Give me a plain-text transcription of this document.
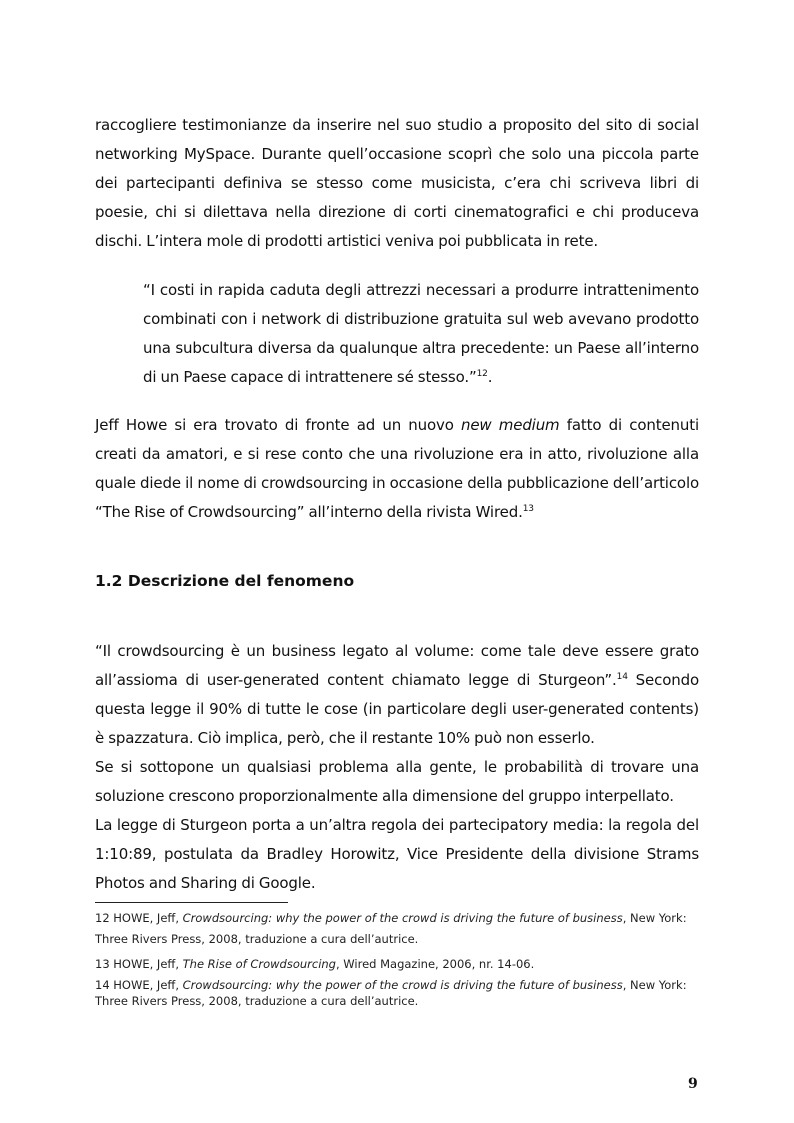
raccogliere testimonianze da inserire nel suo studio a proposito del sito di social networking MySpace. Durante quell’occasione scoprì che solo una piccola parte dei partecipanti definiva se stesso come musicista, c’era chi scriveva libri di poesie, chi si dilettava nella direzione di corti cinematografici e chi produceva dischi. L’intera mole di prodotti artistici veniva poi pubblicata in rete.

“I costi in rapida caduta degli attrezzi necessari a produrre intrattenimento combinati con i network di distribuzione gratuita sul web avevano prodotto una subcultura diversa da qualunque altra precedente: un Paese all’interno di un Paese capace di intrattenere sé stesso.”$^{12}$.

Jeff Howe si era trovato di fronte ad un nuovo new medium fatto di contenuti creati da amatori, e si rese conto che una rivoluzione era in atto, rivoluzione alla quale diede il nome di crowdsourcing in occasione della pubblicazione dell’articolo “The Rise of Crowdsourcing” all’interno della rivista Wired.$^{13}$

1.2 Descrizione del fenomeno

“Il crowdsourcing è un business legato al volume: come tale deve essere grato all’assioma di user-generated content chiamato legge di Sturgeon”.$^{14}$ Secondo questa legge il 90% di tutte le cose (in particolare degli user-generated contents) è spazzatura. Ciò implica, però, che il restante 10% può non esserlo.

Se si sottopone un qualsiasi problema alla gente, le probabilità di trovare una soluzione crescono proporzionalmente alla dimensione del gruppo interpellato.

La legge di Sturgeon porta a un’altra regola dei partecipatory media: la regola del 1:10:89, postulata da Bradley Horowitz, Vice Presidente della divisione Strams Photos and Sharing di Google.

12 HOWE, Jeff, Crowdsourcing: why the power of the crowd is driving the future of business, New York: Three Rivers Press, 2008, traduzione a cura dell’autrice.
13 HOWE, Jeff, The Rise of Crowdsourcing, Wired Magazine, 2006, nr. 14-06.
14 HOWE, Jeff, Crowdsourcing: why the power of the crowd is driving the future of business, New York: Three Rivers Press, 2008, traduzione a cura dell’autrice.
9
